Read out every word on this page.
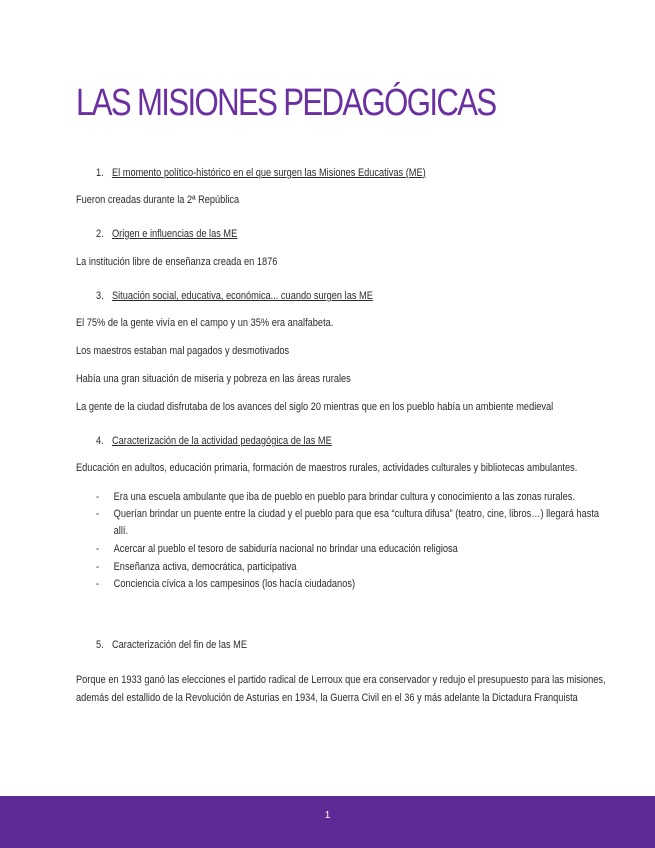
LAS MISIONES PEDAGÓGICAS
1. El momento político-histórico en el que surgen las Misiones Educativas (ME)
Fueron creadas durante la 2ª República
2. Origen e influencias de las ME
La institución libre de enseñanza creada en 1876
3. Situación social, educativa, económica... cuando surgen las ME
El 75% de la gente vivía en el campo y un 35% era analfabeta.
Los maestros estaban mal pagados y desmotivados
Había una gran situación de miseria y pobreza en las áreas rurales
La gente de la ciudad disfrutaba de los avances del siglo 20 mientras que en los pueblo había un ambiente medieval
4. Caracterización de la actividad pedagógica de las ME
Educación en adultos, educación primaria, formación de maestros rurales, actividades culturales y bibliotecas ambulantes.
- Era una escuela ambulante que iba de pueblo en pueblo para brindar cultura y conocimiento a las zonas rurales.
- Querían brindar un puente entre la ciudad y el pueblo para que esa “cultura difusa” (teatro, cine, libros…) llegará hasta
allí.
- Acercar al pueblo el tesoro de sabiduría nacional no brindar una educación religiosa
- Enseñanza activa, democrática, participativa
- Conciencia cívica a los campesinos (los hacía ciudadanos)
5. Caracterización del fin de las ME
Porque en 1933 ganó las elecciones el partido radical de Lerroux que era conservador y redujo el presupuesto para las misiones,
además del estallido de la Revolución de Asturias en 1934, la Guerra Civil en el 36 y más adelante la Dictadura Franquista
1
